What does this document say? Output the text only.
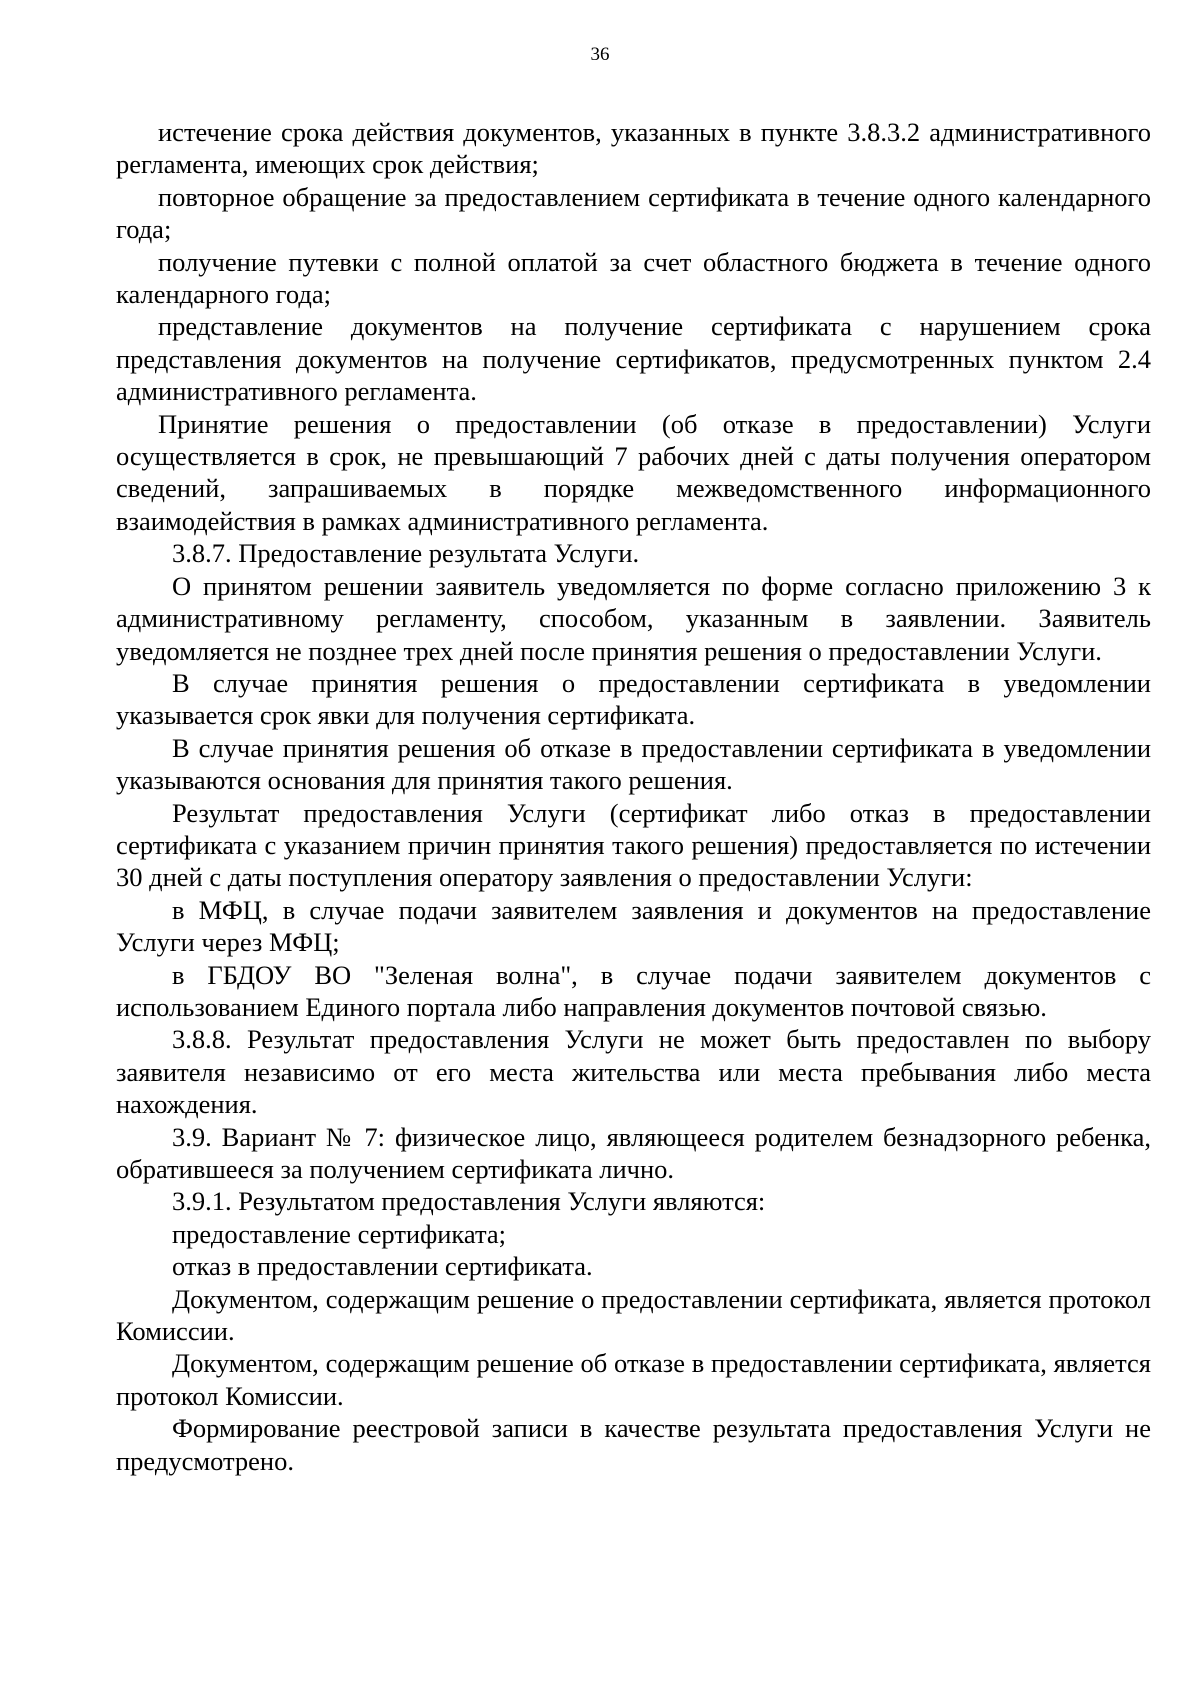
36

истечение срока действия документов, указанных в пункте 3.8.3.2 административного регламента, имеющих срок действия;

повторное обращение за предоставлением сертификата в течение одного календарного года;

получение путевки с полной оплатой за счет областного бюджета в течение одного календарного года;

представление документов на получение сертификата с нарушением срока представления документов на получение сертификатов, предусмотренных пунктом 2.4 административного регламента.

Принятие решения о предоставлении (об отказе в предоставлении) Услуги осуществляется в срок, не превышающий 7 рабочих дней с даты получения оператором сведений, запрашиваемых в порядке межведомственного информационного взаимодействия в рамках административного регламента.

3.8.7. Предоставление результата Услуги.

О принятом решении заявитель уведомляется по форме согласно приложению 3 к административному регламенту, способом, указанным в заявлении. Заявитель уведомляется не позднее трех дней после принятия решения о предоставлении Услуги.

В случае принятия решения о предоставлении сертификата в уведомлении указывается срок явки для получения сертификата.

В случае принятия решения об отказе в предоставлении сертификата в уведомлении указываются основания для принятия такого решения.

Результат предоставления Услуги (сертификат либо отказ в предоставлении сертификата с указанием причин принятия такого решения) предоставляется по истечении 30 дней с даты поступления оператору заявления о предоставлении Услуги:

в МФЦ, в случае подачи заявителем заявления и документов на предоставление Услуги через МФЦ;

в ГБДОУ ВО "Зеленая волна", в случае подачи заявителем документов с использованием Единого портала либо направления документов почтовой связью.

3.8.8. Результат предоставления Услуги не может быть предоставлен по выбору заявителя независимо от его места жительства или места пребывания либо места нахождения.

3.9. Вариант № 7: физическое лицо, являющееся родителем безнадзорного ребенка, обратившееся за получением сертификата лично.

3.9.1. Результатом предоставления Услуги являются:

предоставление сертификата;

отказ в предоставлении сертификата.

Документом, содержащим решение о предоставлении сертификата, является протокол Комиссии.

Документом, содержащим решение об отказе в предоставлении сертификата, является протокол Комиссии.

Формирование реестровой записи в качестве результата предоставления Услуги не предусмотрено.
